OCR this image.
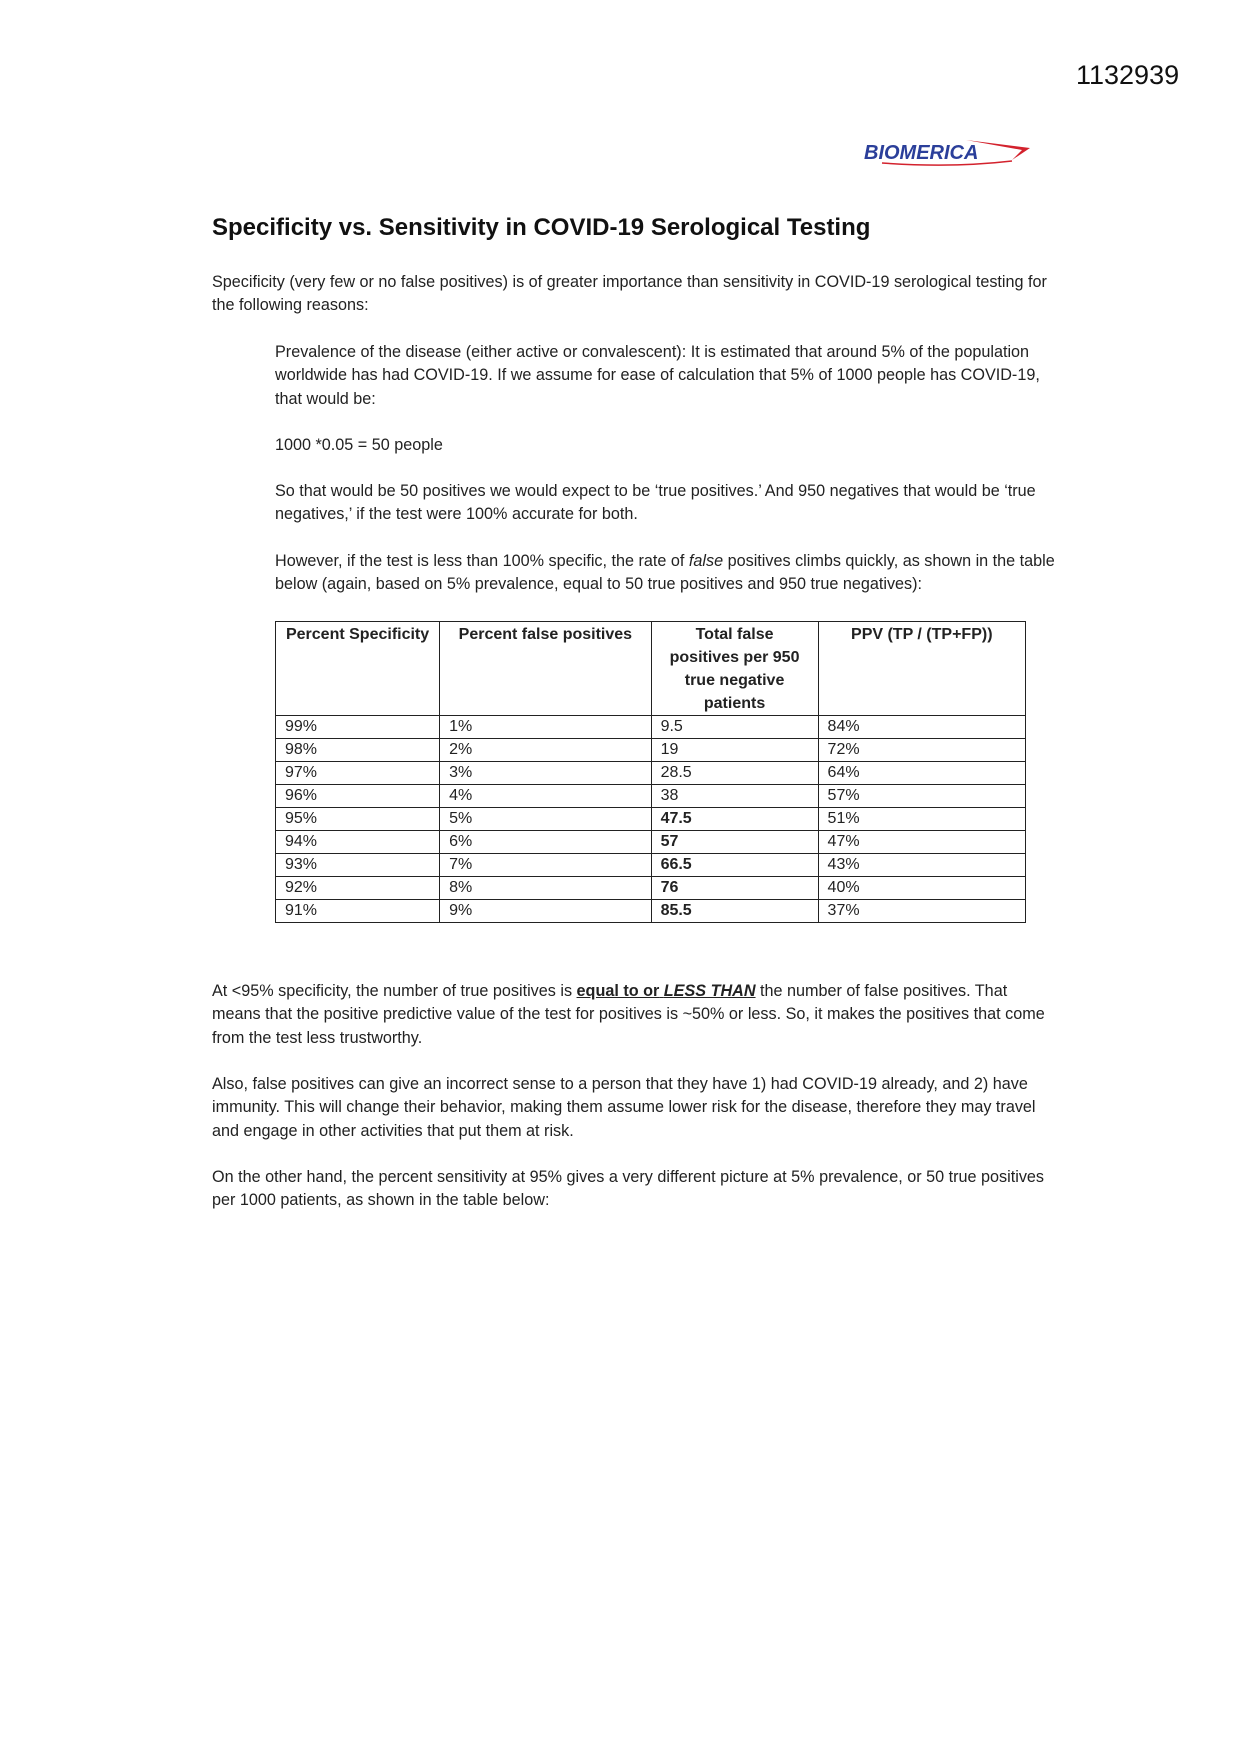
1132939
BIOMERICA
Specificity vs. Sensitivity in COVID-19 Serological Testing

Specificity (very few or no false positives) is of greater importance than sensitivity in COVID-19 serological testing for the following reasons:

Prevalence of the disease (either active or convalescent): It is estimated that around 5% of the population worldwide has had COVID-19. If we assume for ease of calculation that 5% of 1000 people has COVID-19, that would be:

1000 *0.05 = 50 people

So that would be 50 positives we would expect to be ‘true positives.’ And 950 negatives that would be ‘true negatives,’ if the test were 100% accurate for both.

However, if the test is less than 100% specific, the rate of false positives climbs quickly, as shown in the table below (again, based on 5% prevalence, equal to 50 true positives and 950 true negatives):

Percent Specificity	Percent false positives	Total false positives per 950 true negative patients	PPV (TP / (TP+FP))
99%	1%	9.5	84%
98%	2%	19	72%
97%	3%	28.5	64%
96%	4%	38	57%
95%	5%	47.5	51%
94%	6%	57	47%
93%	7%	66.5	43%
92%	8%	76	40%
91%	9%	85.5	37%

At <95% specificity, the number of true positives is equal to or LESS THAN the number of false positives. That means that the positive predictive value of the test for positives is ~50% or less. So, it makes the positives that come from the test less trustworthy.

Also, false positives can give an incorrect sense to a person that they have 1) had COVID-19 already, and 2) have immunity. This will change their behavior, making them assume lower risk for the disease, therefore they may travel and engage in other activities that put them at risk.

On the other hand, the percent sensitivity at 95% gives a very different picture at 5% prevalence, or 50 true positives per 1000 patients, as shown in the table below:
